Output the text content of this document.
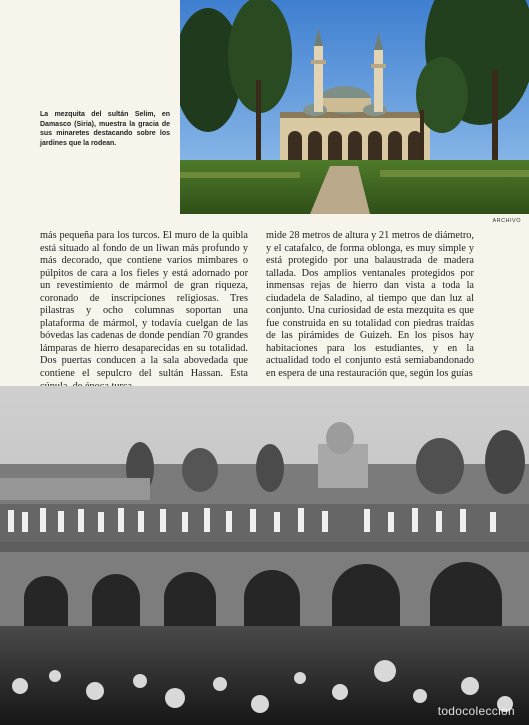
ARCHIVO
La mezquita del sultán Selim, en Damasco (Siria), muestra la gracia de sus minaretes destacando sobre los jardines que la rodean.

más pequeña para los turcos. El muro de la quibla está situado al fondo de un liwan más profundo y más decorado, que contiene varios mimbares o púlpitos de cara a los fieles y está adornado por un revestimiento de mármol de gran riqueza, coronado de inscripciones religiosas. Tres pilastras y ocho columnas soportan una plataforma de mármol, y todavía cuelgan de las bóvedas las cadenas de donde pendían 70 grandes lámparas de hierro desaparecidas en su totalidad. Dos puertas conducen a la sala abovedada que contiene el sepulcro del sultán Hassan. Esta

mide 28 metros de altura y 21 metros de diámetro, y el catafalco, de forma oblonga, es muy simple y está protegido por una balaustrada de madera tallada. Dos amplios ventanales protegidos por inmensas rejas de hierro dan vista a toda la ciudadela de Saladino, al tiempo que dan luz al conjunto. Una curiosidad de esta mezquita es que fue construida en su totalidad con piedras traídas de las pirámides de Guizeh. En los pisos hay habitaciones para los estudiantes, y en la actualidad todo el conjunto está semiabandonado en espera de una restauración que, según los guías

todocoleccion
